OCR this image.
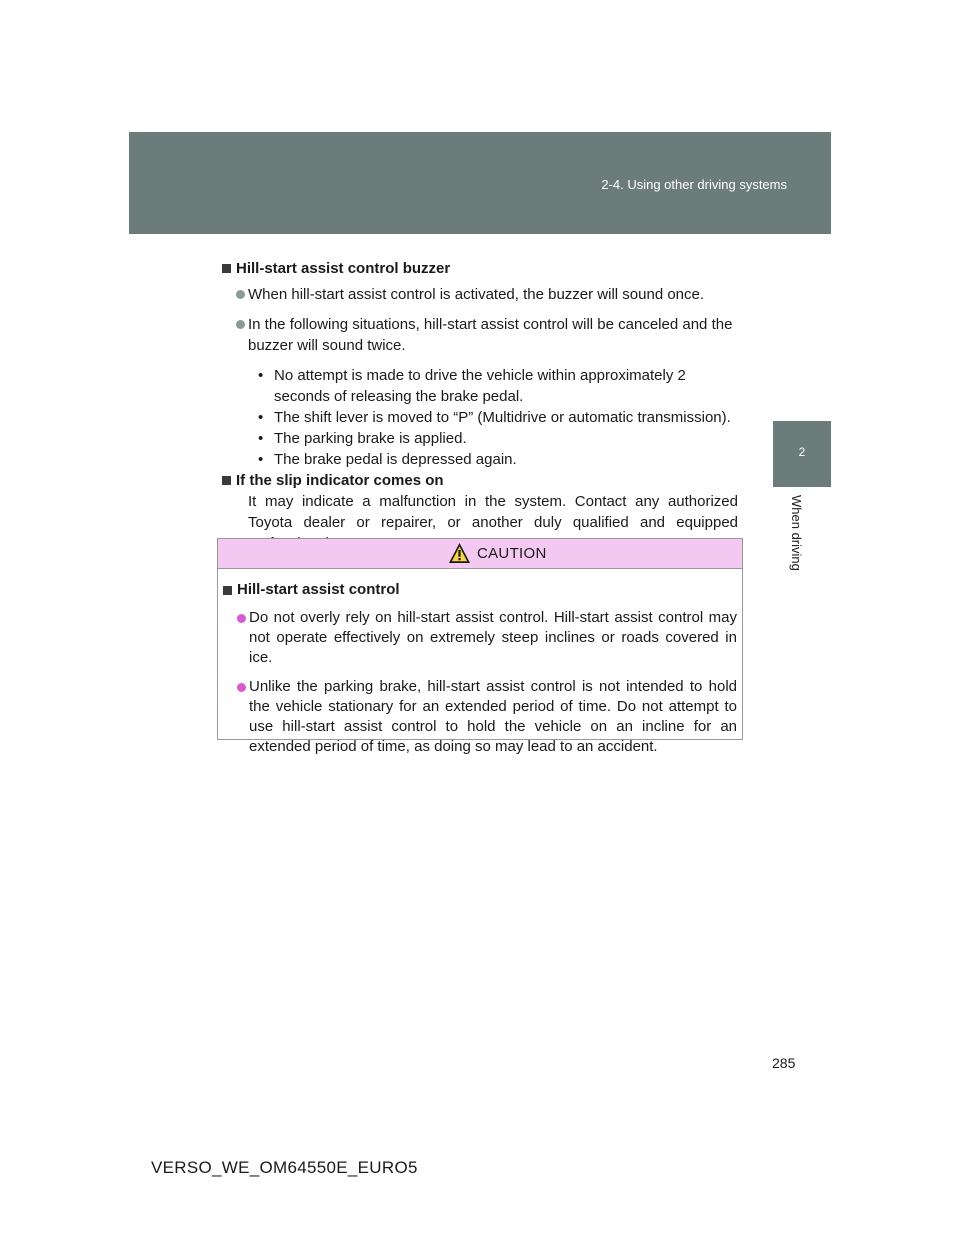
2-4. Using other driving systems
2
When driving

Hill-start assist control buzzer

When hill-start assist control is activated, the buzzer will sound once.

In the following situations, hill-start assist control will be canceled and the buzzer will sound twice.

• No attempt is made to drive the vehicle within approximately 2 seconds of releasing the brake pedal.
• The shift lever is moved to “P” (Multidrive or automatic transmission).
• The parking brake is applied.
• The brake pedal is depressed again.

If the slip indicator comes on

It may indicate a malfunction in the system. Contact any authorized Toyota dealer or repairer, or another duly qualified and equipped

CAUTION

Hill-start assist control

Do not overly rely on hill-start assist control. Hill-start assist control may not operate effectively on extremely steep inclines or roads covered in ice.

Unlike the parking brake, hill-start assist control is not intended to hold the vehicle stationary for an extended period of time. Do not attempt to use hill-start assist control to hold the vehicle on an incline for an extended period of time, as doing so may lead to an accident.

285
VERSO_WE_OM64550E_EURO5
